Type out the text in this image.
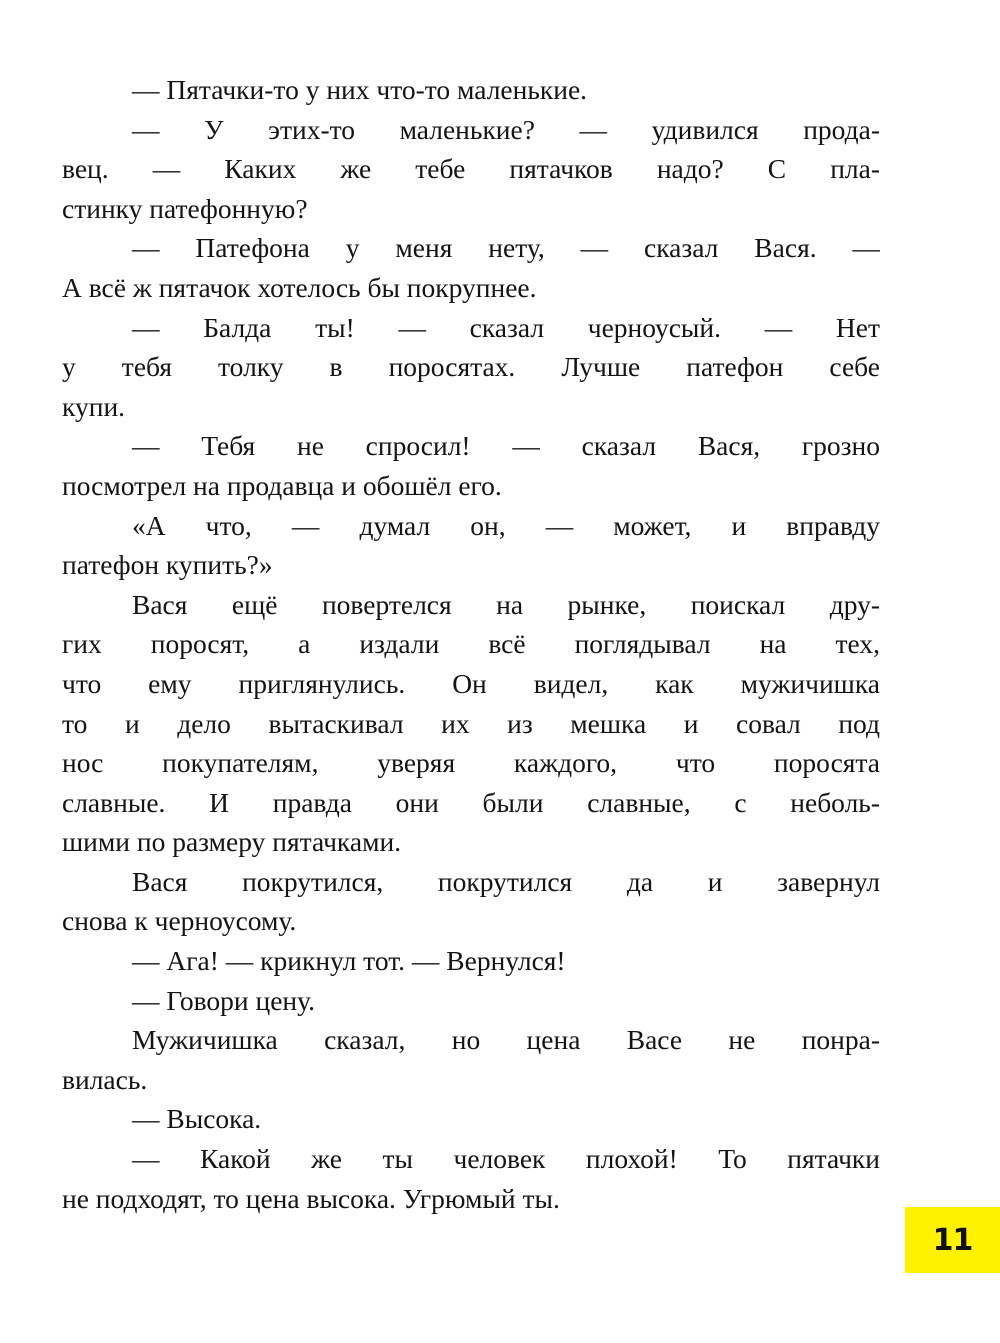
— Пятачки-то у них что-то маленькие.
— У этих-то маленькие? — удивился прода-
вец. — Каких же тебе пятачков надо? С пла-
стинку патефонную?
— Патефона у меня нету, — сказал Вася. —
А всё ж пятачок хотелось бы покрупнее.
— Балда ты! — сказал черноусый. — Нет
у тебя толку в поросятах. Лучше патефон себе
купи.
— Тебя не спросил! — сказал Вася, грозно
посмотрел на продавца и обошёл его.
«А что, — думал он, — может, и вправду
патефон купить?»
Вася ещё повертелся на рынке, поискал дру-
гих поросят, а издали всё поглядывал на тех,
что ему приглянулись. Он видел, как мужичишка
то и дело вытаскивал их из мешка и совал под
нос покупателям, уверяя каждого, что поросята
славные. И правда они были славные, с неболь-
шими по размеру пятачками.
Вася покрутился, покрутился да и завернул
снова к черноусому.
— Ага! — крикнул тот. — Вернулся!
— Говори цену.
Мужичишка сказал, но цена Васе не понра-
вилась.
— Высока.
— Какой же ты человек плохой! То пятачки
не подходят, то цена высока. Угрюмый ты.
11
